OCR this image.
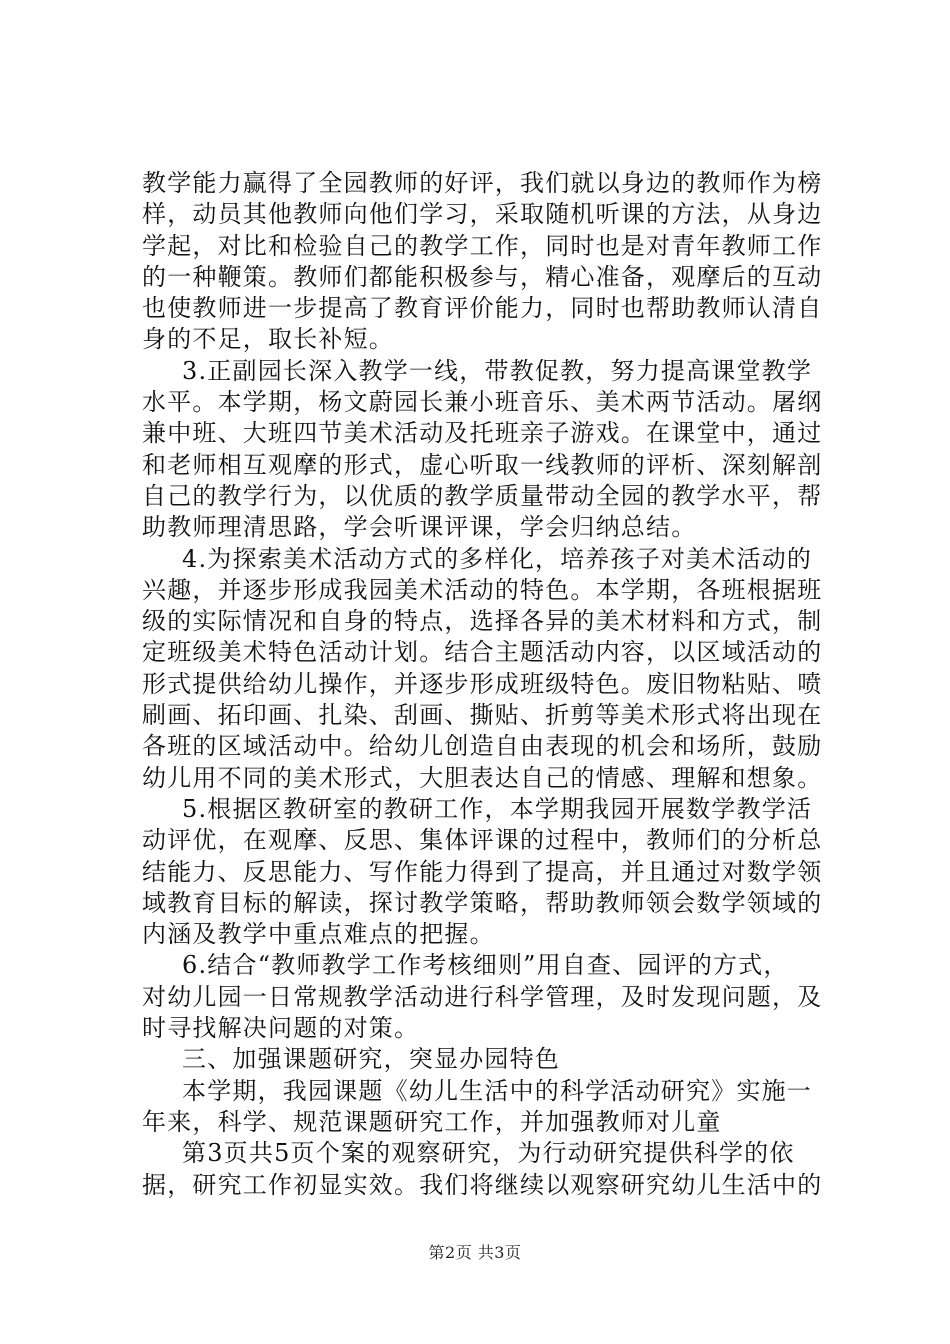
教学能力赢得了全园教师的好评，我们就以身边的教师作为榜
样，动员其他教师向他们学习，采取随机听课的方法，从身边
学起，对比和检验自己的教学工作，同时也是对青年教师工作
的一种鞭策。教师们都能积极参与，精心准备，观摩后的互动
也使教师进一步提高了教育评价能力，同时也帮助教师认清自
身的不足，取长补短。
3.正副园长深入教学一线，带教促教，努力提高课堂教学
水平。本学期，杨文蔚园长兼小班音乐、美术两节活动。屠纲
兼中班、大班四节美术活动及托班亲子游戏。在课堂中，通过
和老师相互观摩的形式，虚心听取一线教师的评析、深刻解剖
自己的教学行为，以优质的教学质量带动全园的教学水平，帮
助教师理清思路，学会听课评课，学会归纳总结。
4.为探索美术活动方式的多样化，培养孩子对美术活动的
兴趣，并逐步形成我园美术活动的特色。本学期，各班根据班
级的实际情况和自身的特点，选择各异的美术材料和方式，制
定班级美术特色活动计划。结合主题活动内容，以区域活动的
形式提供给幼儿操作，并逐步形成班级特色。废旧物粘贴、喷
刷画、拓印画、扎染、刮画、撕贴、折剪等美术形式将出现在
各班的区域活动中。给幼儿创造自由表现的机会和场所，鼓励
幼儿用不同的美术形式，大胆表达自己的情感、理解和想象。
5.根据区教研室的教研工作，本学期我园开展数学教学活
动评优，在观摩、反思、集体评课的过程中，教师们的分析总
结能力、反思能力、写作能力得到了提高，并且通过对数学领
域教育目标的解读，探讨教学策略，帮助教师领会数学领域的
内涵及教学中重点难点的把握。
6.结合“教师教学工作考核细则”用自查、园评的方式，
对幼儿园一日常规教学活动进行科学管理，及时发现问题，及
时寻找解决问题的对策。
三、加强课题研究，突显办园特色
本学期，我园课题《幼儿生活中的科学活动研究》实施一
年来，科学、规范课题研究工作，并加强教师对儿童
第3页共5页个案的观察研究，为行动研究提供科学的依
据，研究工作初显实效。我们将继续以观察研究幼儿生活中的
第2页 共3页
